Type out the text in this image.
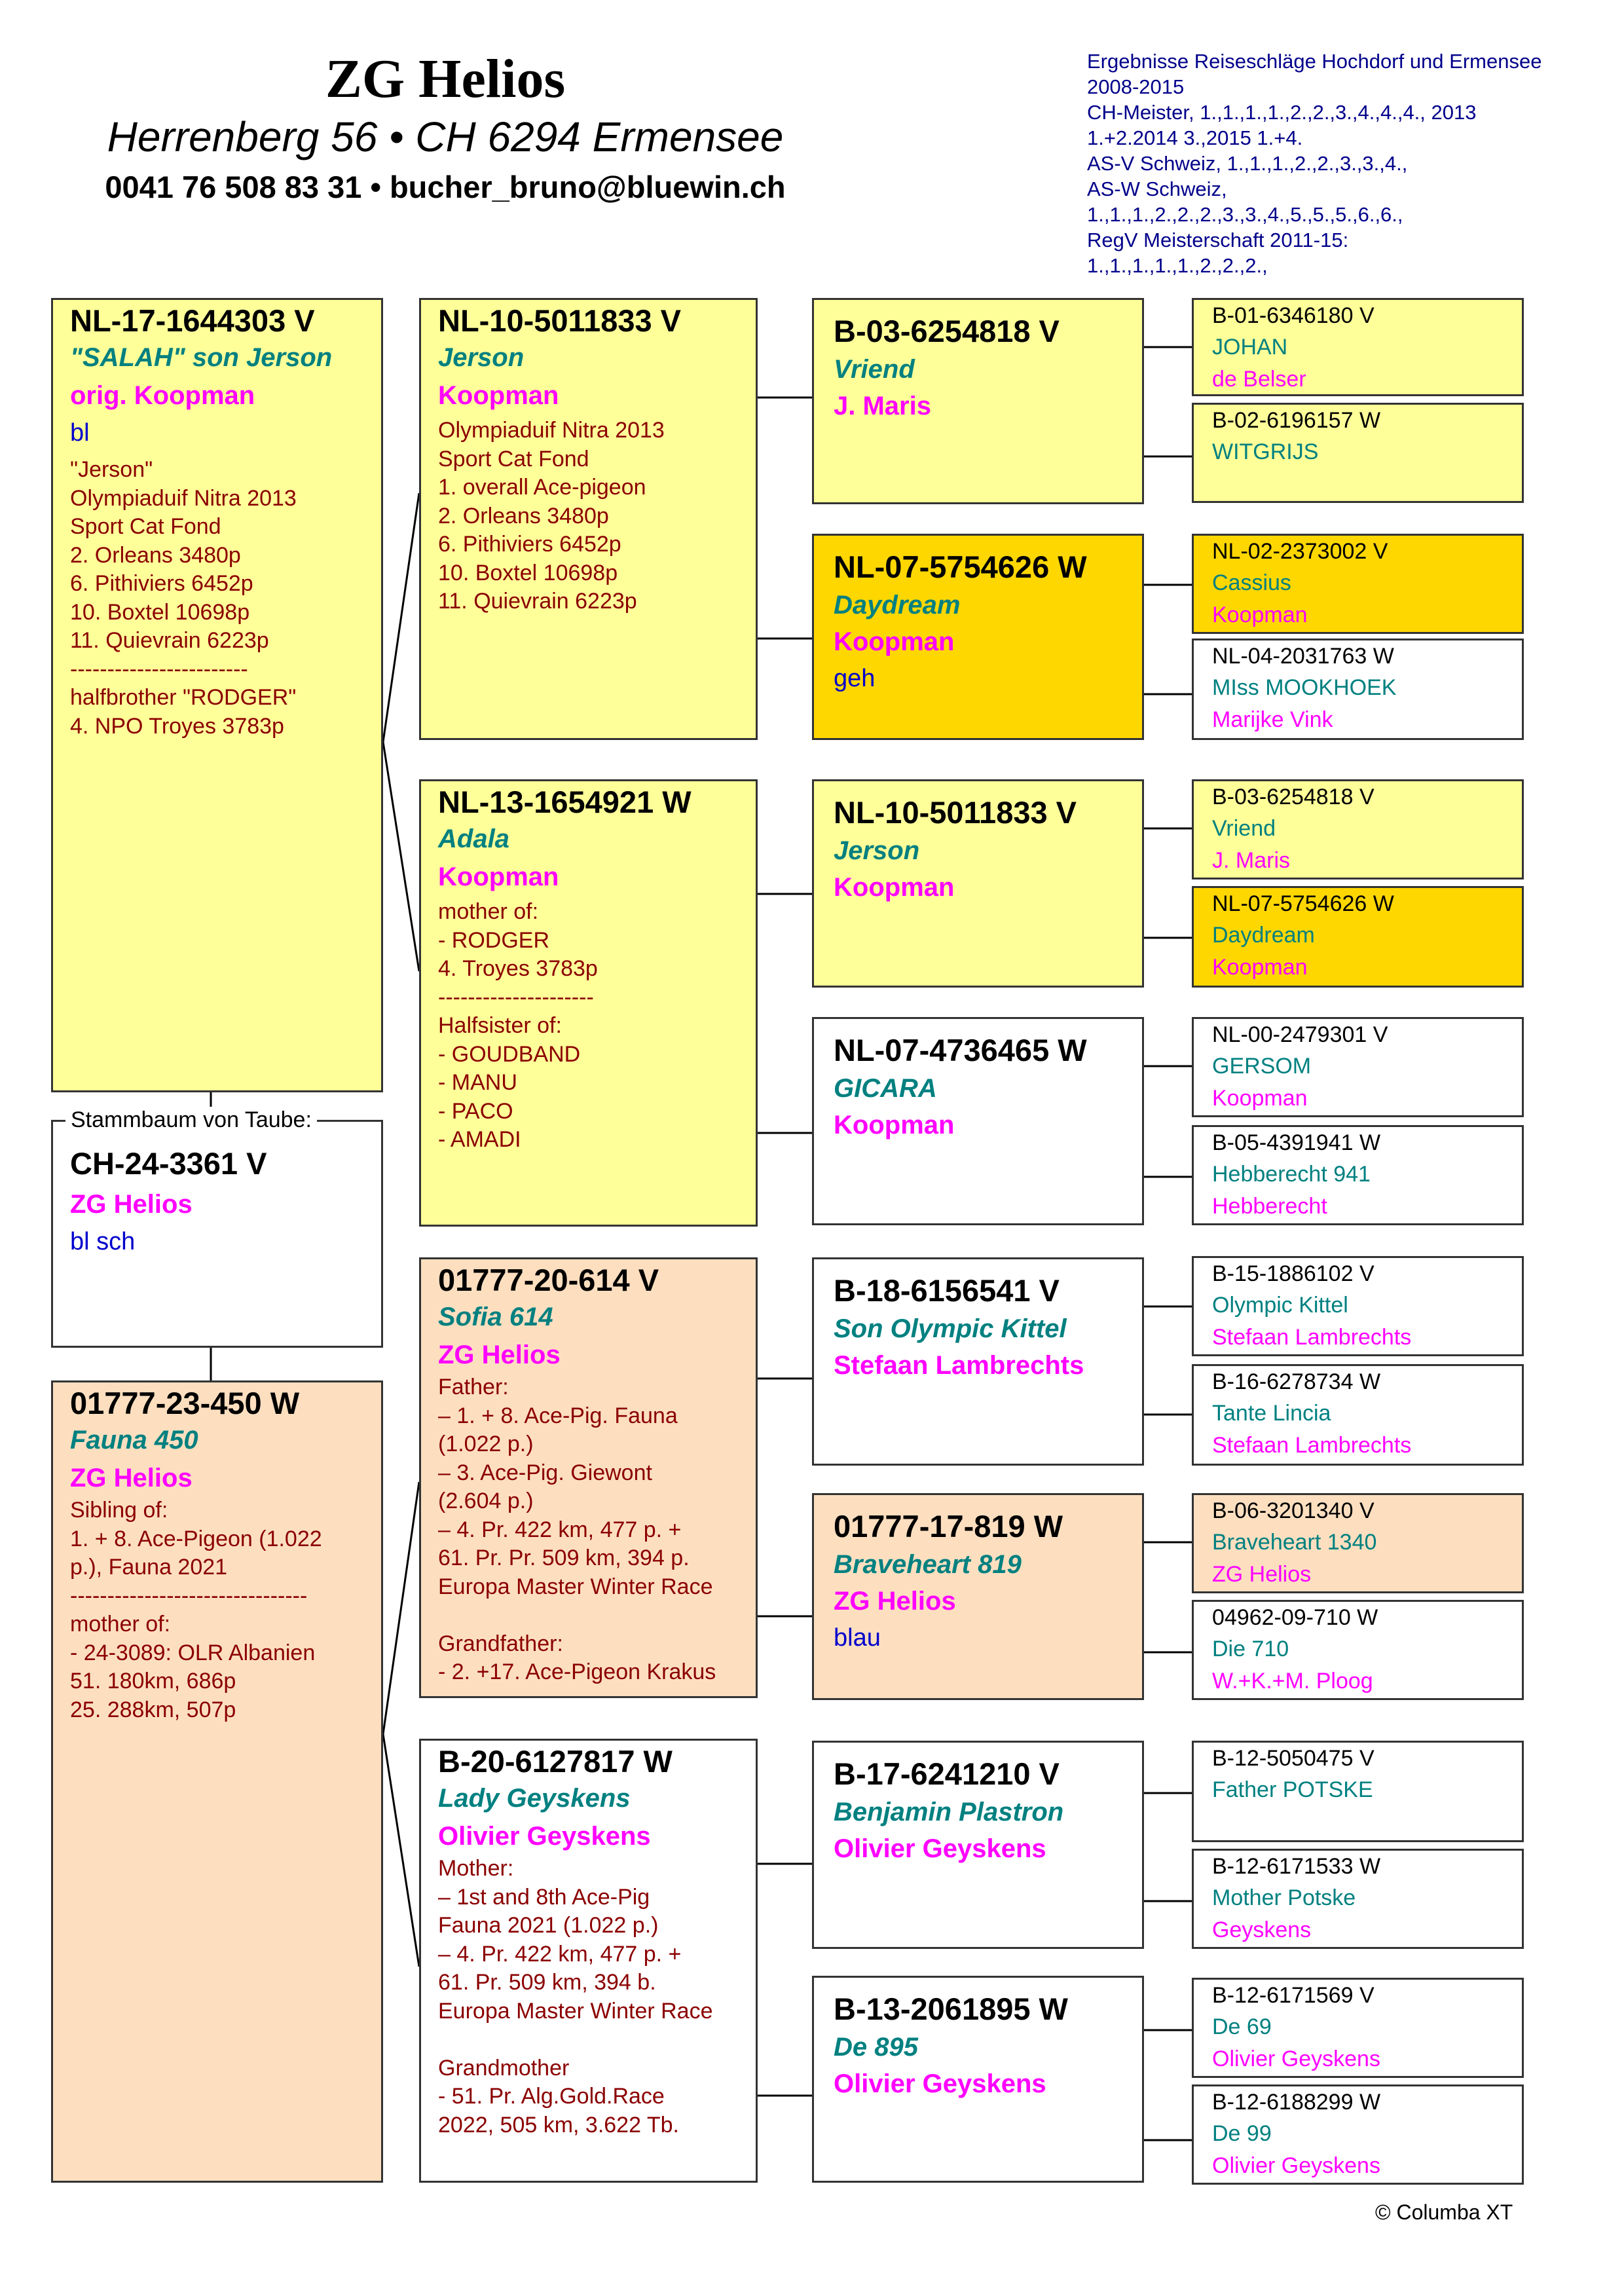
ZG Helios
Herrenberg 56 • CH 6294 Ermensee
0041 76 508 83 31 • bucher_bruno@bluewin.ch
Ergebnisse Reiseschläge Hochdorf und Ermensee 2008-2015
CH-Meister, 1.,1.,1.,1.,2.,2.,3.,4.,4.,4., 2013 1.+2.2014 3.,2015 1.+4.
AS-V Schweiz, 1.,1.,1.,2.,2.,3.,3.,4.,
AS-W Schweiz,
1.,1.,1.,2.,2.,2.,3.,3.,4.,5.,5.,5.,6.,6.,
RegV Meisterschaft 2011-15:
1.,1.,1.,1.,1.,2.,2.,2.,
NL-17-1644303 V
"SALAH" son Jerson
orig. Koopman
bl
"Jerson"
Olympiaduif Nitra 2013
Sport Cat Fond
2. Orleans 3480p
6. Pithiviers 6452p
10. Boxtel 10698p
11. Quievrain 6223p
------------------------
halfbrother "RODGER"
4. NPO Troyes 3783p
CH-24-3361 V
ZG Helios
bl sch
Stammbaum von Taube:
01777-23-450 W
Fauna 450
ZG Helios
Sibling of:
1. + 8. Ace-Pigeon (1.022
p.), Fauna 2021
--------------------------------
mother of:
- 24-3089: OLR Albanien
51. 180km, 686p
25. 288km, 507p
NL-10-5011833 V
Jerson
Koopman
Olympiaduif Nitra 2013
Sport Cat Fond
1. overall Ace-pigeon
2. Orleans 3480p
6. Pithiviers 6452p
10. Boxtel 10698p
11. Quievrain 6223p
NL-13-1654921 W
Adala
Koopman
mother of:
- RODGER
4. Troyes 3783p
---------------------
Halfsister of:
- GOUDBAND
- MANU
- PACO
- AMADI
01777-20-614 V
Sofia 614
ZG Helios
Father:
– 1. + 8. Ace-Pig. Fauna
(1.022 p.)
– 3. Ace-Pig. Giewont
(2.604 p.)
– 4. Pr. 422 km, 477 p. +
61. Pr. Pr. 509 km, 394 p.
Europa Master Winter Race

Grandfather:
- 2. +17. Ace-Pigeon Krakus
B-20-6127817 W
Lady Geyskens
Olivier Geyskens
Mother:
– 1st and 8th Ace-Pig
Fauna 2021 (1.022 p.)
– 4. Pr. 422 km, 477 p. +
61. Pr. 509 km, 394 b.
Europa Master Winter Race

Grandmother
- 51. Pr. Alg.Gold.Race
2022, 505 km, 3.622 Tb.
B-03-6254818 V
Vriend
J. Maris
NL-07-5754626 W
Daydream
Koopman
geh
NL-10-5011833 V
Jerson
Koopman
NL-07-4736465 W
GICARA
Koopman
B-18-6156541 V
Son Olympic Kittel
Stefaan Lambrechts
01777-17-819 W
Braveheart 819
ZG Helios
blau
B-17-6241210 V
Benjamin Plastron
Olivier Geyskens
B-13-2061895 W
De 895
Olivier Geyskens
B-01-6346180 V
JOHAN
de Belser
B-02-6196157 W
WITGRIJS
NL-02-2373002 V
Cassius
Koopman
NL-04-2031763 W
MIss MOOKHOEK
Marijke Vink
B-03-6254818 V
Vriend
J. Maris
NL-07-5754626 W
Daydream
Koopman
NL-00-2479301 V
GERSOM
Koopman
B-05-4391941 W
Hebberecht 941
Hebberecht
B-15-1886102 V
Olympic Kittel
Stefaan Lambrechts
B-16-6278734 W
Tante Lincia
Stefaan Lambrechts
B-06-3201340 V
Braveheart 1340
ZG Helios
04962-09-710 W
Die 710
W.+K.+M. Ploog
B-12-5050475 V
Father POTSKE
B-12-6171533 W
Mother Potske
Geyskens
B-12-6171569 V
De 69
Olivier Geyskens
B-12-6188299 W
De 99
Olivier Geyskens
© Columba XT
